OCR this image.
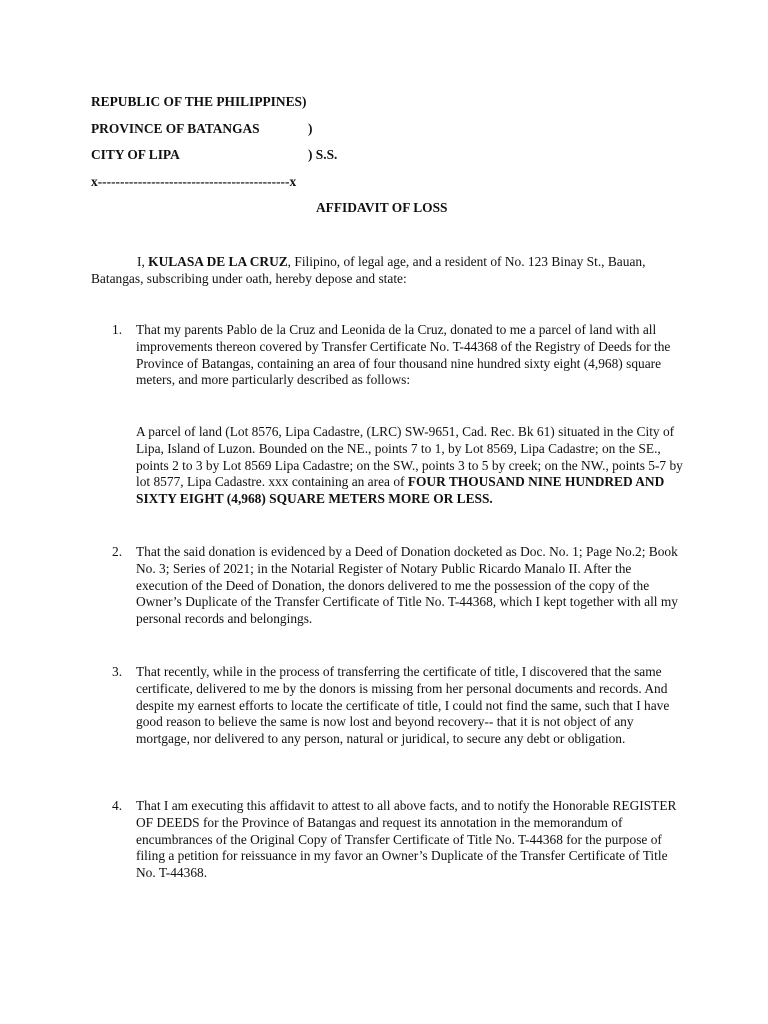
REPUBLIC OF THE PHILIPPINES)
PROVINCE OF BATANGAS	)
CITY OF LIPA	) S.S.
x-------------------------------------------x
AFFIDAVIT OF LOSS
I, KULASA DE LA CRUZ, Filipino, of legal age, and a resident of No. 123 Binay St., Bauan, Batangas, subscribing under oath, hereby depose and state:
1. That my parents Pablo de la Cruz and Leonida de la Cruz, donated to me a parcel of land with all improvements thereon covered by Transfer Certificate No. T-44368 of the Registry of Deeds for the Province of Batangas, containing an area of four thousand nine hundred sixty eight (4,968) square meters, and more particularly described as follows:
A parcel of land (Lot 8576, Lipa Cadastre, (LRC) SW-9651, Cad. Rec. Bk 61) situated in the City of Lipa, Island of Luzon. Bounded on the NE., points 7 to 1, by Lot 8569, Lipa Cadastre; on the SE., points 2 to 3 by Lot 8569 Lipa Cadastre; on the SW., points 3 to 5 by creek; on the NW., points 5-7 by lot 8577, Lipa Cadastre. xxx containing an area of FOUR THOUSAND NINE HUNDRED AND SIXTY EIGHT (4,968) SQUARE METERS MORE OR LESS.
2. That the said donation is evidenced by a Deed of Donation docketed as Doc. No. 1; Page No.2; Book No. 3; Series of 2021; in the Notarial Register of Notary Public Ricardo Manalo II. After the execution of the Deed of Donation, the donors delivered to me the possession of the copy of the Owner’s Duplicate of the Transfer Certificate of Title No. T-44368, which I kept together with all my personal records and belongings.
3. That recently, while in the process of transferring the certificate of title, I discovered that the same certificate, delivered to me by the donors is missing from her personal documents and records. And despite my earnest efforts to locate the certificate of title, I could not find the same, such that I have good reason to believe the same is now lost and beyond recovery-- that it is not object of any mortgage, nor delivered to any person, natural or juridical, to secure any debt or obligation.
4. That I am executing this affidavit to attest to all above facts, and to notify the Honorable REGISTER OF DEEDS for the Province of Batangas and request its annotation in the memorandum of encumbrances of the Original Copy of Transfer Certificate of Title No. T-44368 for the purpose of filing a petition for reissuance in my favor an Owner’s Duplicate of the Transfer Certificate of Title No. T-44368.
